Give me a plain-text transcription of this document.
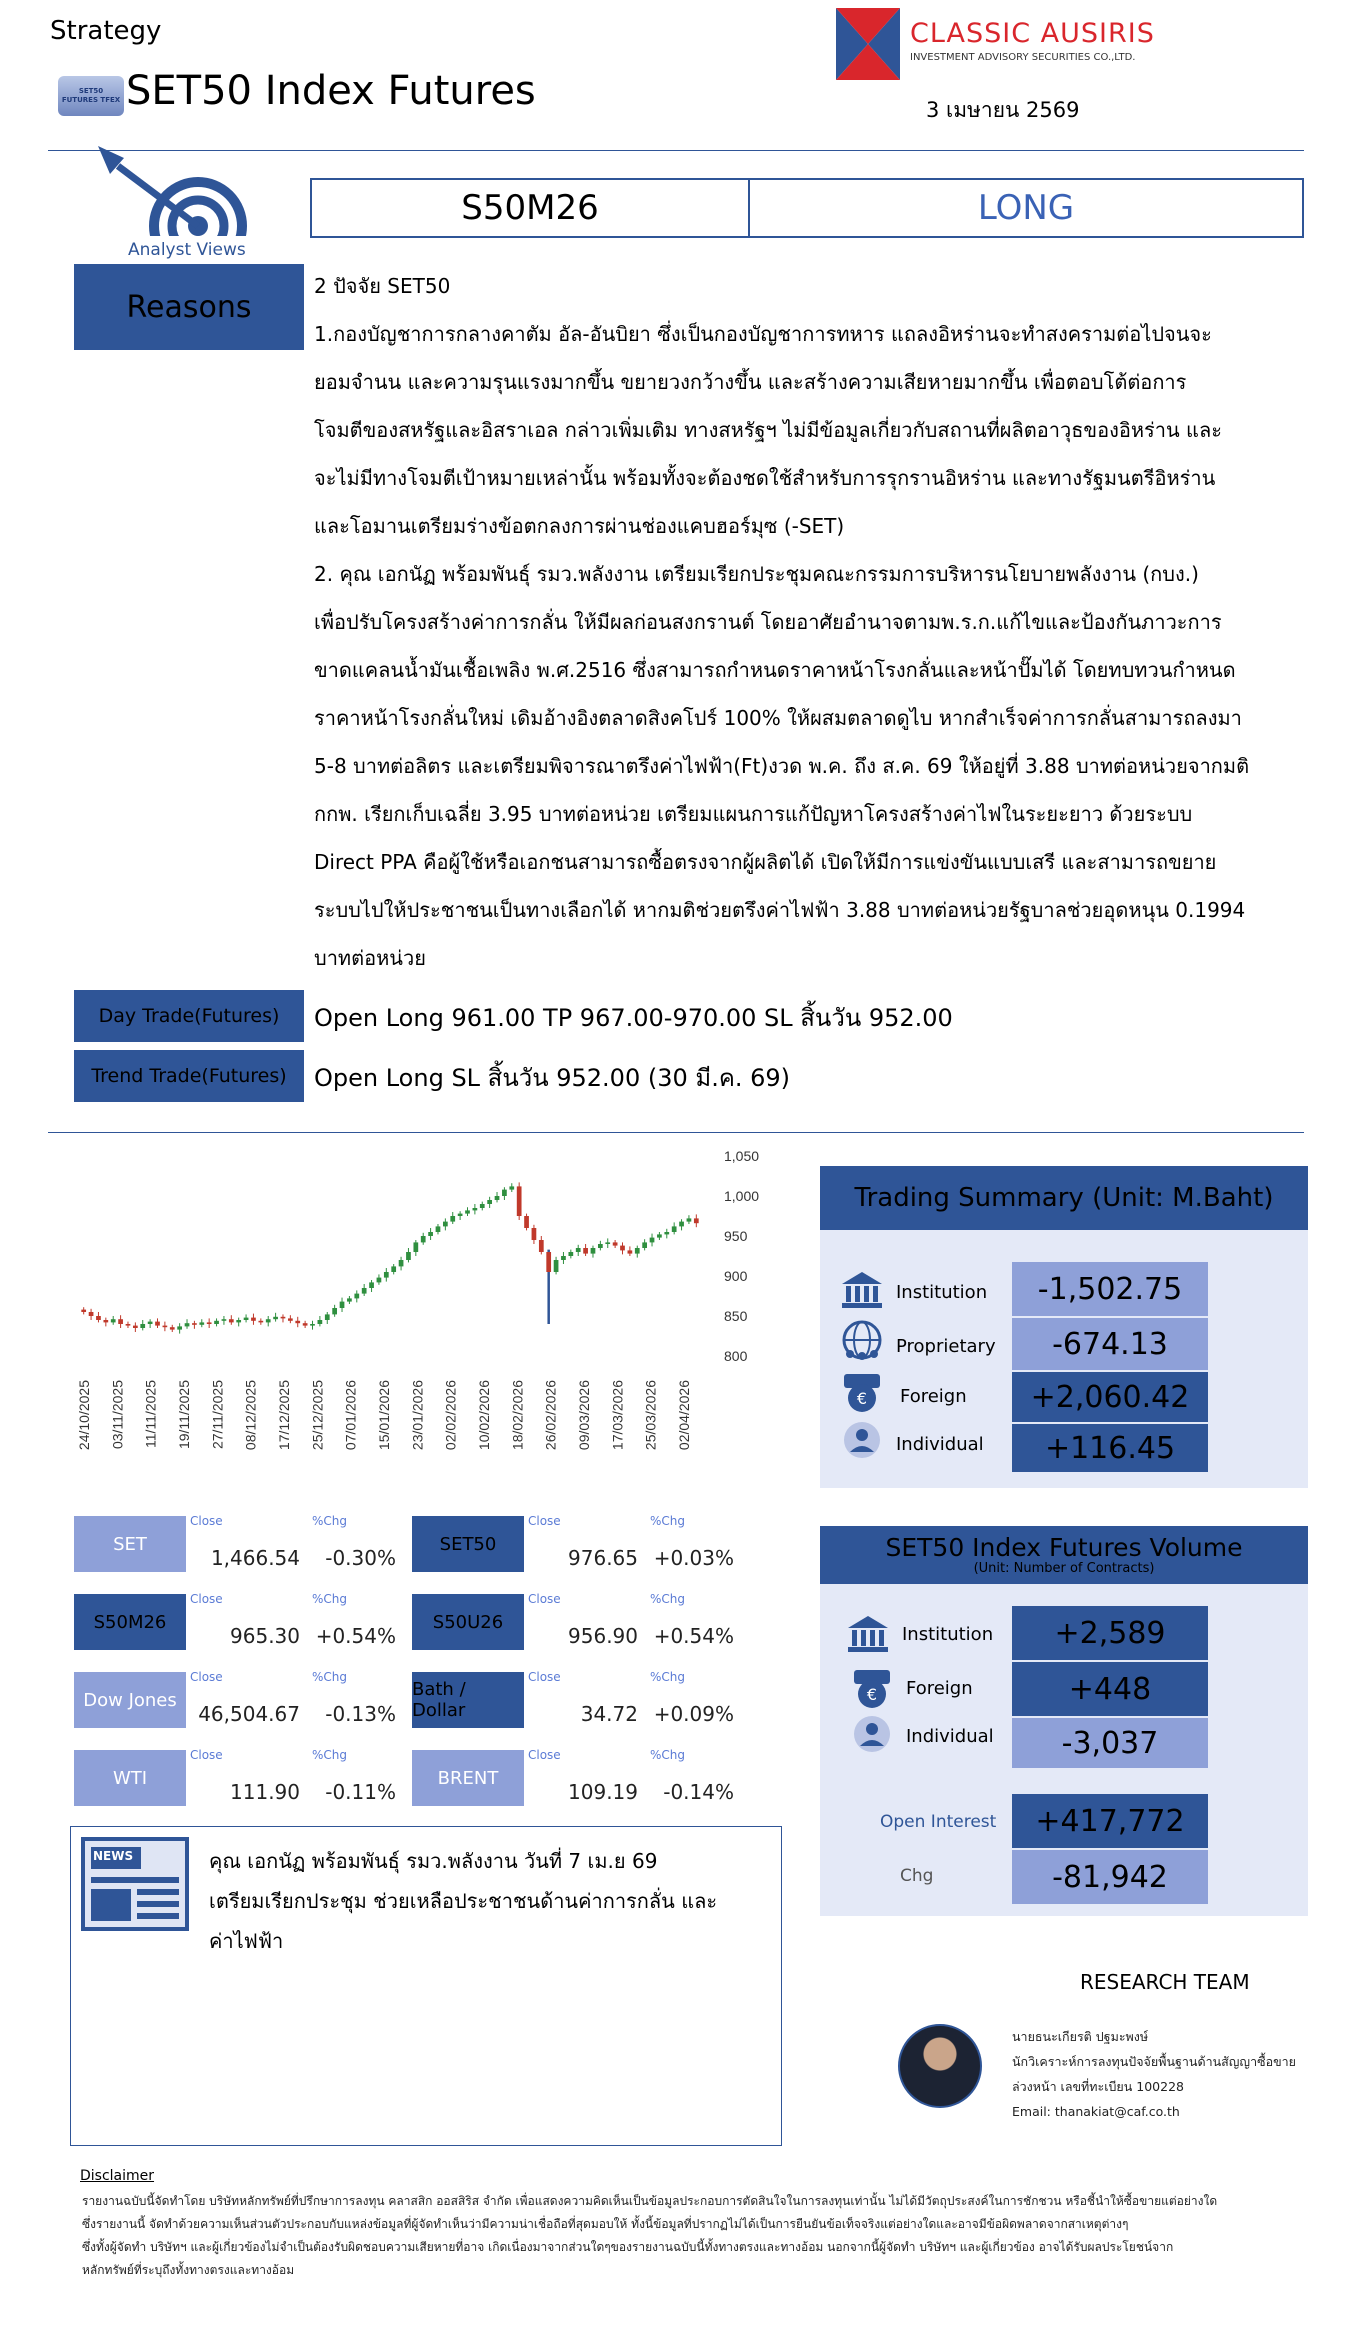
Strategy
SET50 FUTURES TFEX SET50 Index Futures
CLASSIC AUSIRIS
INVESTMENT ADVISORY SECURITIES CO.,LTD.
3 เมษายน 2569
Analyst Views
S50M26	LONG
Reasons
2 ปัจจัย SET50
1.กองบัญชาการกลางคาตัม อัล-อันบิยา ซึ่งเป็นกองบัญชาการทหาร แถลงอิหร่านจะทำสงครามต่อไปจนจะ
ยอมจำนน และความรุนแรงมากขึ้น ขยายวงกว้างขึ้น และสร้างความเสียหายมากขึ้น เพื่อตอบโต้ต่อการ
โจมตีของสหรัฐและอิสราเอล กล่าวเพิ่มเติม ทางสหรัฐฯ ไม่มีข้อมูลเกี่ยวกับสถานที่ผลิตอาวุธของอิหร่าน และ
จะไม่มีทางโจมตีเป้าหมายเหล่านั้น พร้อมทั้งจะต้องชดใช้สำหรับการรุกรานอิหร่าน และทางรัฐมนตรีอิหร่าน
และโอมานเตรียมร่างข้อตกลงการผ่านช่องแคบฮอร์มุซ (-SET)
2. คุณ เอกนัฏ พร้อมพันธุ์ รมว.พลังงาน เตรียมเรียกประชุมคณะกรรมการบริหารนโยบายพลังงาน (กบง.)
เพื่อปรับโครงสร้างค่าการกลั่น ให้มีผลก่อนสงกรานต์ โดยอาศัยอำนาจตามพ.ร.ก.แก้ไขและป้องกันภาวะการ
ขาดแคลนน้ำมันเชื้อเพลิง พ.ศ.2516 ซึ่งสามารถกำหนดราคาหน้าโรงกลั่นและหน้าปั๊มได้ โดยทบทวนกำหนด
ราคาหน้าโรงกลั่นใหม่ เดิมอ้างอิงตลาดสิงคโปร์ 100% ให้ผสมตลาดดูไบ หากสำเร็จค่าการกลั่นสามารถลงมา
5-8 บาทต่อลิตร และเตรียมพิจารณาตรึงค่าไฟฟ้า(Ft)งวด พ.ค. ถึง ส.ค. 69 ให้อยู่ที่ 3.88 บาทต่อหน่วยจากมติ
กกพ. เรียกเก็บเฉลี่ย 3.95 บาทต่อหน่วย เตรียมแผนการแก้ปัญหาโครงสร้างค่าไฟในระยะยาว ด้วยระบบ
Direct PPA คือผู้ใช้หรือเอกชนสามารถซื้อตรงจากผู้ผลิตได้ เปิดให้มีการแข่งขันแบบเสรี และสามารถขยาย
ระบบไปให้ประชาชนเป็นทางเลือกได้ หากมติช่วยตรึงค่าไฟฟ้า 3.88 บาทต่อหน่วยรัฐบาลช่วยอุดหนุน 0.1994
บาทต่อหน่วย
Day Trade(Futures)	Open Long 961.00 TP 967.00-970.00 SL สิ้นวัน 952.00
Trend Trade(Futures)	Open Long SL สิ้นวัน 952.00 (30 มี.ค. 69)
1,050
1,000
950
900
850
800
24/10/2025 03/11/2025 11/11/2025 19/11/2025 27/11/2025 08/12/2025 17/12/2025 25/12/2025 07/01/2026 15/01/2026 23/01/2026 02/02/2026 10/02/2026 18/02/2026 26/02/2026 09/03/2026 17/03/2026 25/03/2026 02/04/2026
SET
Close	%Chg
1,466.54 -0.30%
SET50
Close	%Chg
976.65 +0.03%
S50M26
Close	%Chg
965.30 +0.54%
S50U26
Close	%Chg
956.90 +0.54%
Dow Jones
Close	%Chg
46,504.67 -0.13%
Bath / Dollar
Close	%Chg
34.72 +0.09%
WTI
Close	%Chg
111.90 -0.11%
BRENT
Close	%Chg
109.19 -0.14%
NEWS	คุณ เอกนัฏ พร้อมพันธุ์ รมว.พลังงาน วันที่ 7 เม.ย 69
เตรียมเรียกประชุม ช่วยเหลือประชาชนด้านค่าการกลั่น และ
ค่าไฟฟ้า
Trading Summary (Unit: M.Baht)
Institution	-1,502.75
Proprietary	-674.13
€ Foreign	+2,060.42
Individual	+116.45
SET50 Index Futures Volume
(Unit: Number of Contracts)
Institution	+2,589
€ Foreign	+448
Individual	-3,037
Open Interest	+417,772
Chg	-81,942
RESEARCH TEAM
นายธนะเกียรติ ปฐมะพงษ์
นักวิเคราะห์การลงทุนปัจจัยพื้นฐานด้านสัญญาซื้อขาย
ล่วงหน้า เลขที่ทะเบียน 100228
Email: thanakiat@caf.co.th
Disclaimer
รายงานฉบับนี้จัดทำโดย บริษัทหลักทรัพย์ที่ปรึกษาการลงทุน คลาสสิก ออสสิริส จำกัด เพื่อแสดงความคิดเห็นเป็นข้อมูลประกอบการตัดสินใจในการลงทุนเท่านั้น ไม่ได้มีวัตถุประสงค์ในการชักชวน หรือชี้นำให้ซื้อขายแต่อย่างใด
ซึ่งรายงานนี้ จัดทำด้วยความเห็นส่วนตัวประกอบกับแหล่งข้อมูลที่ผู้จัดทำเห็นว่ามีความน่าเชื่อถือที่สุดมอบให้ ทั้งนี้ข้อมูลที่ปรากฏไม่ได้เป็นการยืนยันข้อเท็จจริงแต่อย่างใดและอาจมีข้อผิดพลาดจากสาเหตุต่างๆ
ซึ่งทั้งผู้จัดทำ บริษัทฯ และผู้เกี่ยวข้องไม่จำเป็นต้องรับผิดชอบความเสียหายที่อาจ เกิดเนื่องมาจากส่วนใดๆของรายงานฉบับนี้ทั้งทางตรงและทางอ้อม นอกจากนี้ผู้จัดทำ บริษัทฯ และผู้เกี่ยวข้อง อาจได้รับผลประโยชน์จาก
หลักทรัพย์ที่ระบุถึงทั้งทางตรงและทางอ้อม
